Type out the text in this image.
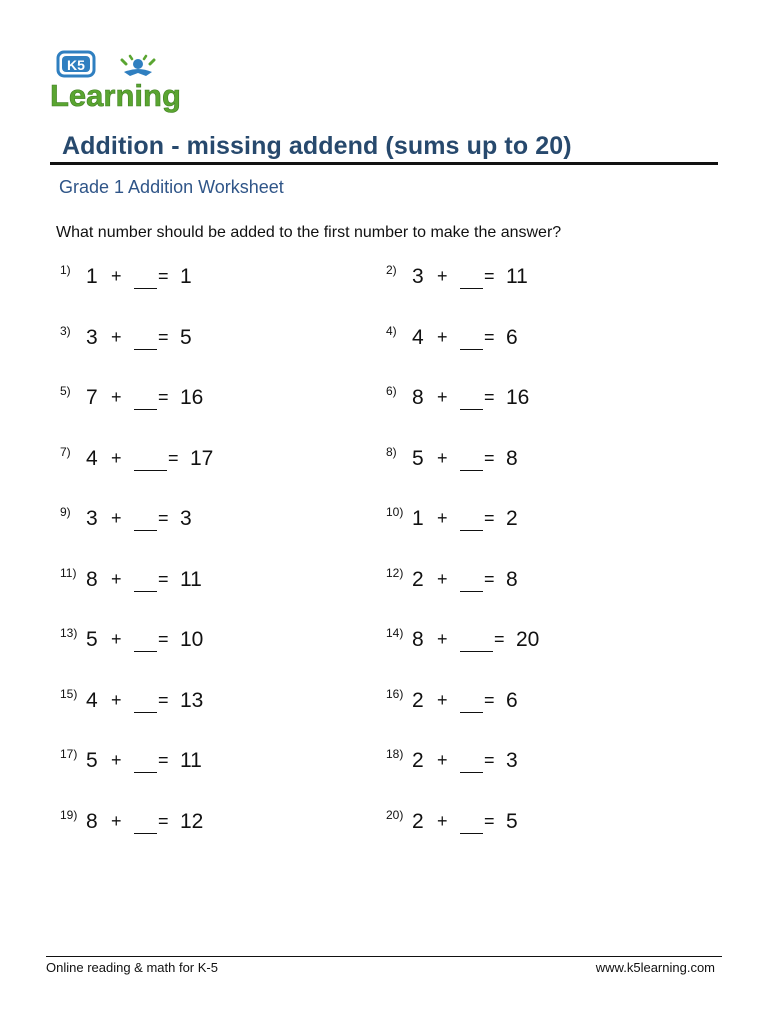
K5
Learning
Addition - missing addend (sums up to 20)
Grade 1 Addition Worksheet
What number should be added to the first number to make the answer?
1) 1 + = 1	2) 3 + = 11
3) 3 + = 5	4) 4 + = 6
5) 7 + = 16	6) 8 + = 16
7) 4 +	= 17	8) 5 + = 8
9) 3 + = 3	10) 1 + = 2
11) 8 + = 11	12) 2 + = 8
13) 5 + = 10	14) 8 +	= 20
15) 4 + = 13	16) 2 + = 6
17) 5 + = 11	18) 2 + = 3
19) 8 + = 12	20) 2 + = 5
Online reading & math for K-5	www.k5learning.com
